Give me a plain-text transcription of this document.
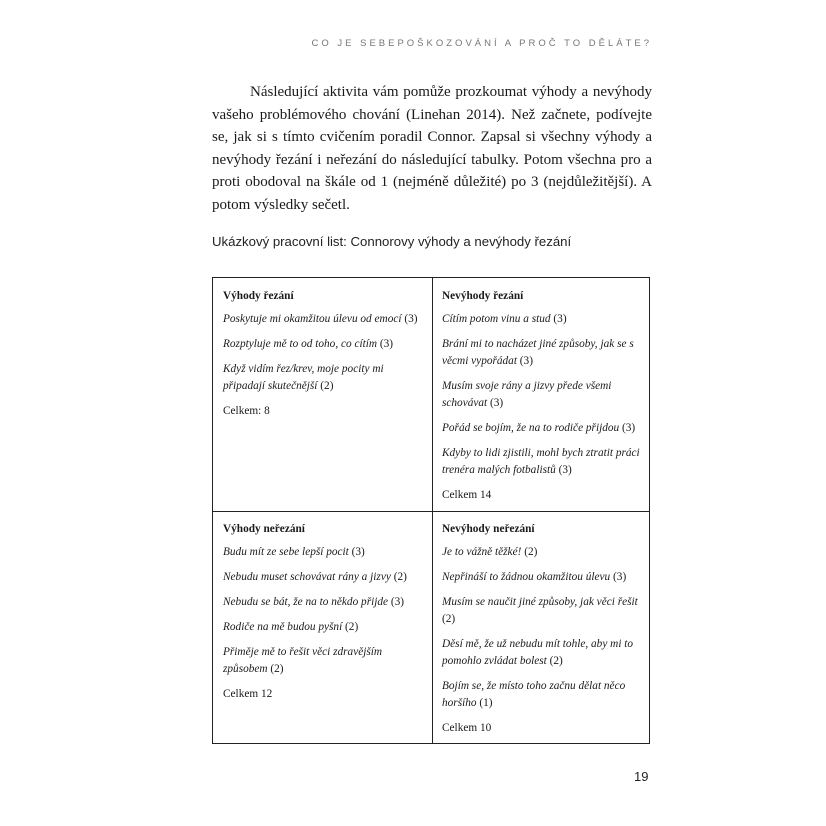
CO JE SEBEPOŠKOZOVÁNÍ A PROČ TO DĚLÁTE?

Následující aktivita vám pomůže prozkoumat výhody a nevýhody vašeho problémového chování (Linehan 2014). Než začnete, podívejte se, jak si s tímto cvičením poradil Connor. Zapsal si všechny výhody a nevýhody řezání i neřezání do následující tabulky. Potom všechna pro a proti obodoval na škále od 1 (nejméně důležité) po 3 (nejdůležitější). A potom výsledky sečetl.

Ukázkový pracovní list: Connorovy výhody a nevýhody řezání

Výhody řezání

Poskytuje mi okamžitou úlevu od emocí (3)

Rozptyluje mě to od toho, co cítím (3)

Když vidím řez/krev, moje pocity mi připadají skutečnější (2)

Celkem: 8

Nevýhody řezání

Cítím potom vinu a stud (3)

Brání mi to nacházet jiné způsoby, jak se s věcmi vypořádat (3)

Musím svoje rány a jizvy přede všemi schovávat (3)

Pořád se bojím, že na to rodiče přijdou (3)

Kdyby to lidi zjistili, mohl bych ztratit práci trenéra malých fotbalistů (3)

Celkem 14

Výhody neřezání

Budu mít ze sebe lepší pocit (3)

Nebudu muset schovávat rány a jizvy (2)

Nebudu se bát, že na to někdo přijde (3)

Rodiče na mě budou pyšní (2)

Přiměje mě to řešit věci zdravějším způsobem (2)

Celkem 12

Nevýhody neřezání

Je to vážně těžké! (2)

Nepřináší to žádnou okamžitou úlevu (3)

Musím se naučit jiné způsoby, jak věci řešit (2)

Děsí mě, že už nebudu mít tohle, aby mi to pomohlo zvládat bolest (2)

Bojím se, že místo toho začnu dělat něco horšího (1)

Celkem 10

19
